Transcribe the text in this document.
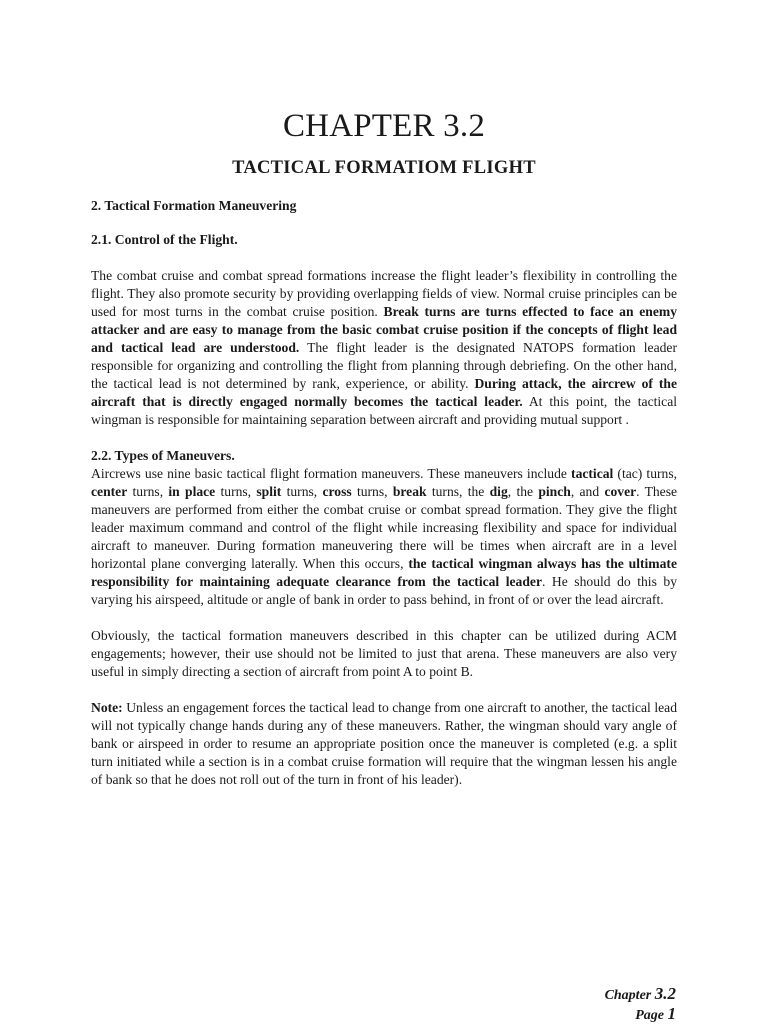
CHAPTER 3.2
TACTICAL FORMATIOM FLIGHT

2. Tactical Formation Maneuvering

2.1. Control of the Flight.

The combat cruise and combat spread formations increase the flight leader’s flexibility in controlling the flight. They also promote security by providing overlapping fields of view. Normal cruise principles can be used for most turns in the combat cruise position. Break turns are turns effected to face an enemy attacker and are easy to manage from the basic combat cruise position if the concepts of flight lead and tactical lead are understood. The flight leader is the designated NATOPS formation leader responsible for organizing and controlling the flight from planning through debriefing. On the other hand, the tactical lead is not determined by rank, experience, or ability. During attack, the aircrew of the aircraft that is directly engaged normally becomes the tactical leader. At this point, the tactical wingman is responsible for maintaining separation between aircraft and providing mutual support .

2.2. Types of Maneuvers.

Aircrews use nine basic tactical flight formation maneuvers. These maneuvers include tactical (tac) turns, center turns, in place turns, split turns, cross turns, break turns, the dig, the pinch, and cover. These maneuvers are performed from either the combat cruise or combat spread formation. They give the flight leader maximum command and control of the flight while increasing flexibility and space for individual aircraft to maneuver. During formation maneuvering there will be times when aircraft are in a level horizontal plane converging laterally. When this occurs, the tactical wingman always has the ultimate responsibility for maintaining adequate clearance from the tactical leader. He should do this by varying his airspeed, altitude or angle of bank in order to pass behind, in front of or over the lead aircraft.

Obviously, the tactical formation maneuvers described in this chapter can be utilized during ACM engagements; however, their use should not be limited to just that arena. These maneuvers are also very useful in simply directing a section of aircraft from point A to point B.

Note: Unless an engagement forces the tactical lead to change from one aircraft to another, the tactical lead will not typically change hands during any of these maneuvers. Rather, the wingman should vary angle of bank or airspeed in order to resume an appropriate position once the maneuver is completed (e.g. a split turn initiated while a section is in a combat cruise formation will require that the wingman lessen his angle of bank so that he does not roll out of the turn in front of his leader).

Chapter 3.2
Page 1
